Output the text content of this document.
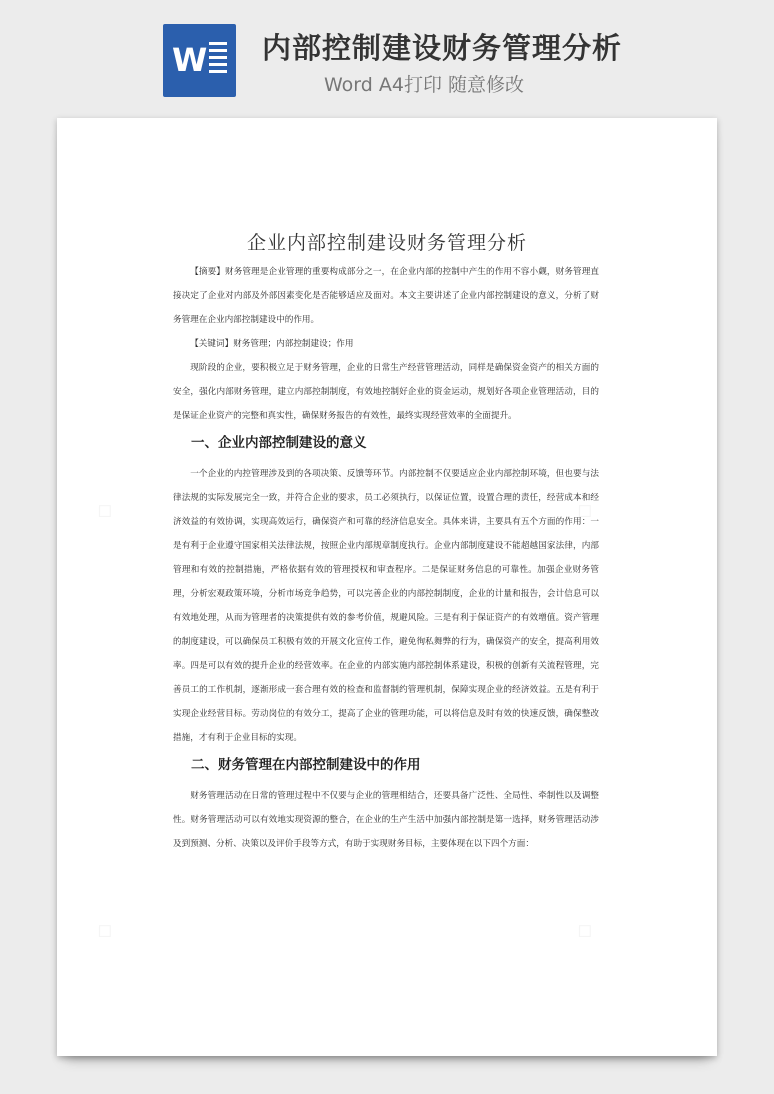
W 内部控制建设财务管理分析
Word A4打印 随意修改
企业内部控制建设财务管理分析

【摘要】财务管理是企业管理的重要构成部分之一，在企业内部的控制中产生的作用不容小觑，财务管理直接决定了企业对内部及外部因素变化是否能够适应及面对。本文主要讲述了企业内部控制建设的意义，分析了财务管理在企业内部控制建设中的作用。

【关键词】财务管理；内部控制建设；作用

现阶段的企业，要积极立足于财务管理，企业的日常生产经营管理活动，同样是确保资金资产的相关方面的安全，强化内部财务管理，建立内部控制制度，有效地控制好企业的资金运动，规划好各项企业管理活动，目的是保证企业资产的完整和真实性，确保财务报告的有效性，最终实现经营效率的全面提升。

一、企业内部控制建设的意义

一个企业的内控管理涉及到的各项决策、反馈等环节。内部控制不仅要适应企业内部控制环境，但也要与法律法规的实际发展完全一致，并符合企业的要求，员工必须执行，以保证位置，设置合理的责任，经营成本和经济效益的有效协调，实现高效运行，确保资产和可靠的经济信息安全。具体来讲，主要具有五个方面的作用：一是有利于企业遵守国家相关法律法规，按照企业内部规章制度执行。企业内部制度建设不能超越国家法律，内部管理和有效的控制措施，严格依据有效的管理授权和审查程序。二是保证财务信息的可靠性。加强企业财务管理，分析宏观政策环境，分析市场竞争趋势，可以完善企业的内部控制制度，企业的计量和报告，会计信息可以有效地处理，从而为管理者的决策提供有效的参考价值，规避风险。三是有利于保证资产的有效增值。资产管理的制度建设，可以确保员工积极有效的开展文化宣传工作，避免徇私舞弊的行为，确保资产的安全，提高利用效率。四是可以有效的提升企业的经营效率。在企业的内部实施内部控制体系建设，积极的创新有关流程管理，完善员工的工作机制，逐渐形成一套合理有效的检查和监督制约管理机制，保障实现企业的经济效益。五是有利于实现企业经营目标。劳动岗位的有效分工，提高了企业的管理功能，可以将信息及时有效的快速反馈，确保整改措施，才有利于企业目标的实现。

二、财务管理在内部控制建设中的作用

财务管理活动在日常的管理过程中不仅要与企业的管理相结合，还要具备广泛性、全局性、牵制性以及调整性。财务管理活动可以有效地实现资源的整合，在企业的生产生活中加强内部控制是第一选择，财务管理活动涉及到预测、分析、决策以及评价手段等方式，有助于实现财务目标，主要体现在以下四个方面：
